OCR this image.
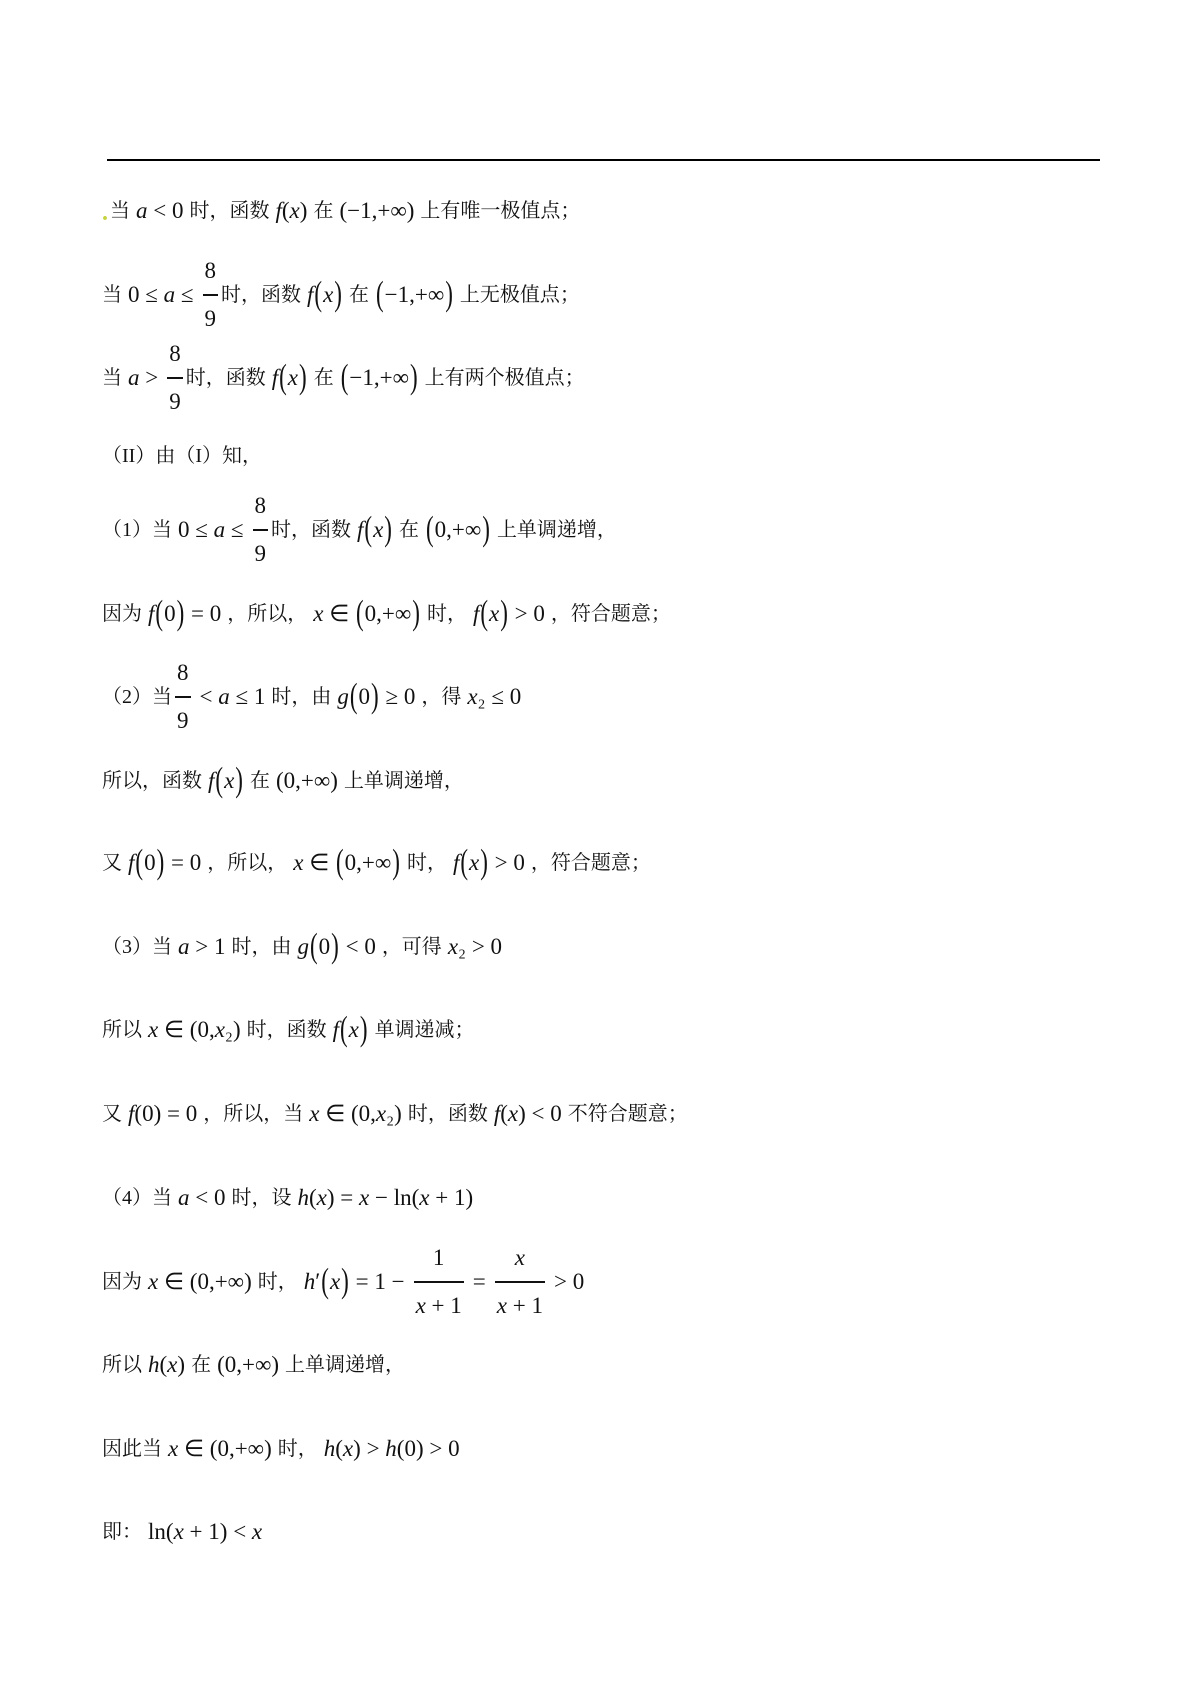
. 当 a < 0 时，函数 f(x) 在 (−1,+∞) 上有唯一极值点；
当 $0 \le a \le \frac{8}{9}$ 时，函数 f(x) 在 (−1,+∞) 上无极值点；
当 $a > \frac{8}{9}$ 时，函数 f(x) 在 (−1,+∞) 上有两个极值点；
（II）由（I）知，
（1）当 $0 \le a \le \frac{8}{9}$ 时，函数 f(x) 在 (0,+∞) 上单调递增，
因为 f(0) = 0 ，所以， x ∈ (0,+∞) 时， f(x) > 0 ，符合题意；
（2）当 $\frac{8}{9} < a \le 1$ 时，由 g(0) ≥ 0 ，得 x₂ ≤ 0
所以，函数 f(x) 在 (0,+∞) 上单调递增，
又 f(0) = 0 ，所以， x ∈ (0,+∞) 时， f(x) > 0 ，符合题意；
（3）当 a > 1 时，由 g(0) < 0 ，可得 x₂ > 0
所以 x ∈ (0,x₂) 时，函数 f(x) 单调递减；
又 f(0) = 0 ，所以，当 x ∈ (0,x₂) 时，函数 f(x) < 0 不符合题意；
（4）当 a < 0 时，设 h(x) = x − ln(x + 1)
因为 x ∈ (0,+∞) 时， $h'(x) = 1 - \frac{1}{x + 1} = \frac{x}{x + 1} > 0$
所以 h(x) 在 (0,+∞) 上单调递增，
因此当 x ∈ (0,+∞) 时， h(x) > h(0) > 0
即： ln(x + 1) < x
